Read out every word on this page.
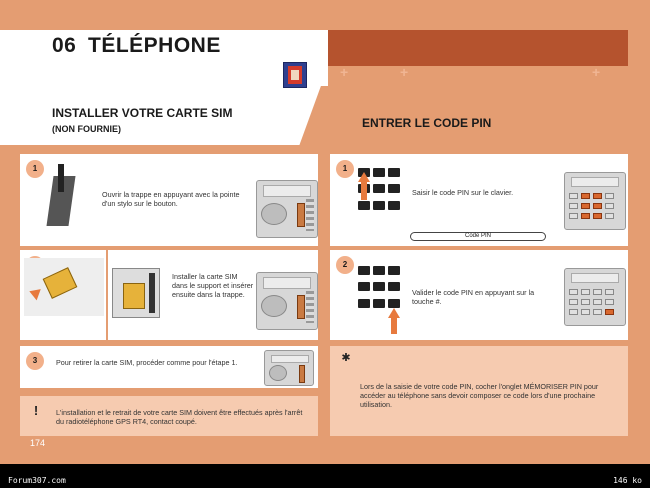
06 TÉLÉPHONE
+	+	+
INSTALLER VOTRE CARTE SIM
(NON FOURNIE)	ENTRER LE CODE PIN
1
Ouvrir la trappe en appuyant avec la pointe d'un stylo sur le bouton.
Installer la carte SIM dans le support et insérer ensuite dans la trappe.
3	Pour retirer la carte SIM, procéder comme pour l'étape 1.
L'installation et le retrait de votre carte SIM doivent être effectués après l'arrêt du radiotéléphone GPS RT4, contact coupé.
!
1
Saisir le code PIN sur le clavier.
Code PIN
2
Valider le code PIN en appuyant sur la touche #.
Lors de la saisie de votre code PIN, cocher l'onglet MÉMORISER PIN pour accéder au téléphone sans devoir composer ce code lors d'une prochaine utilisation.
✱
174
Forum307.com	146 ko
